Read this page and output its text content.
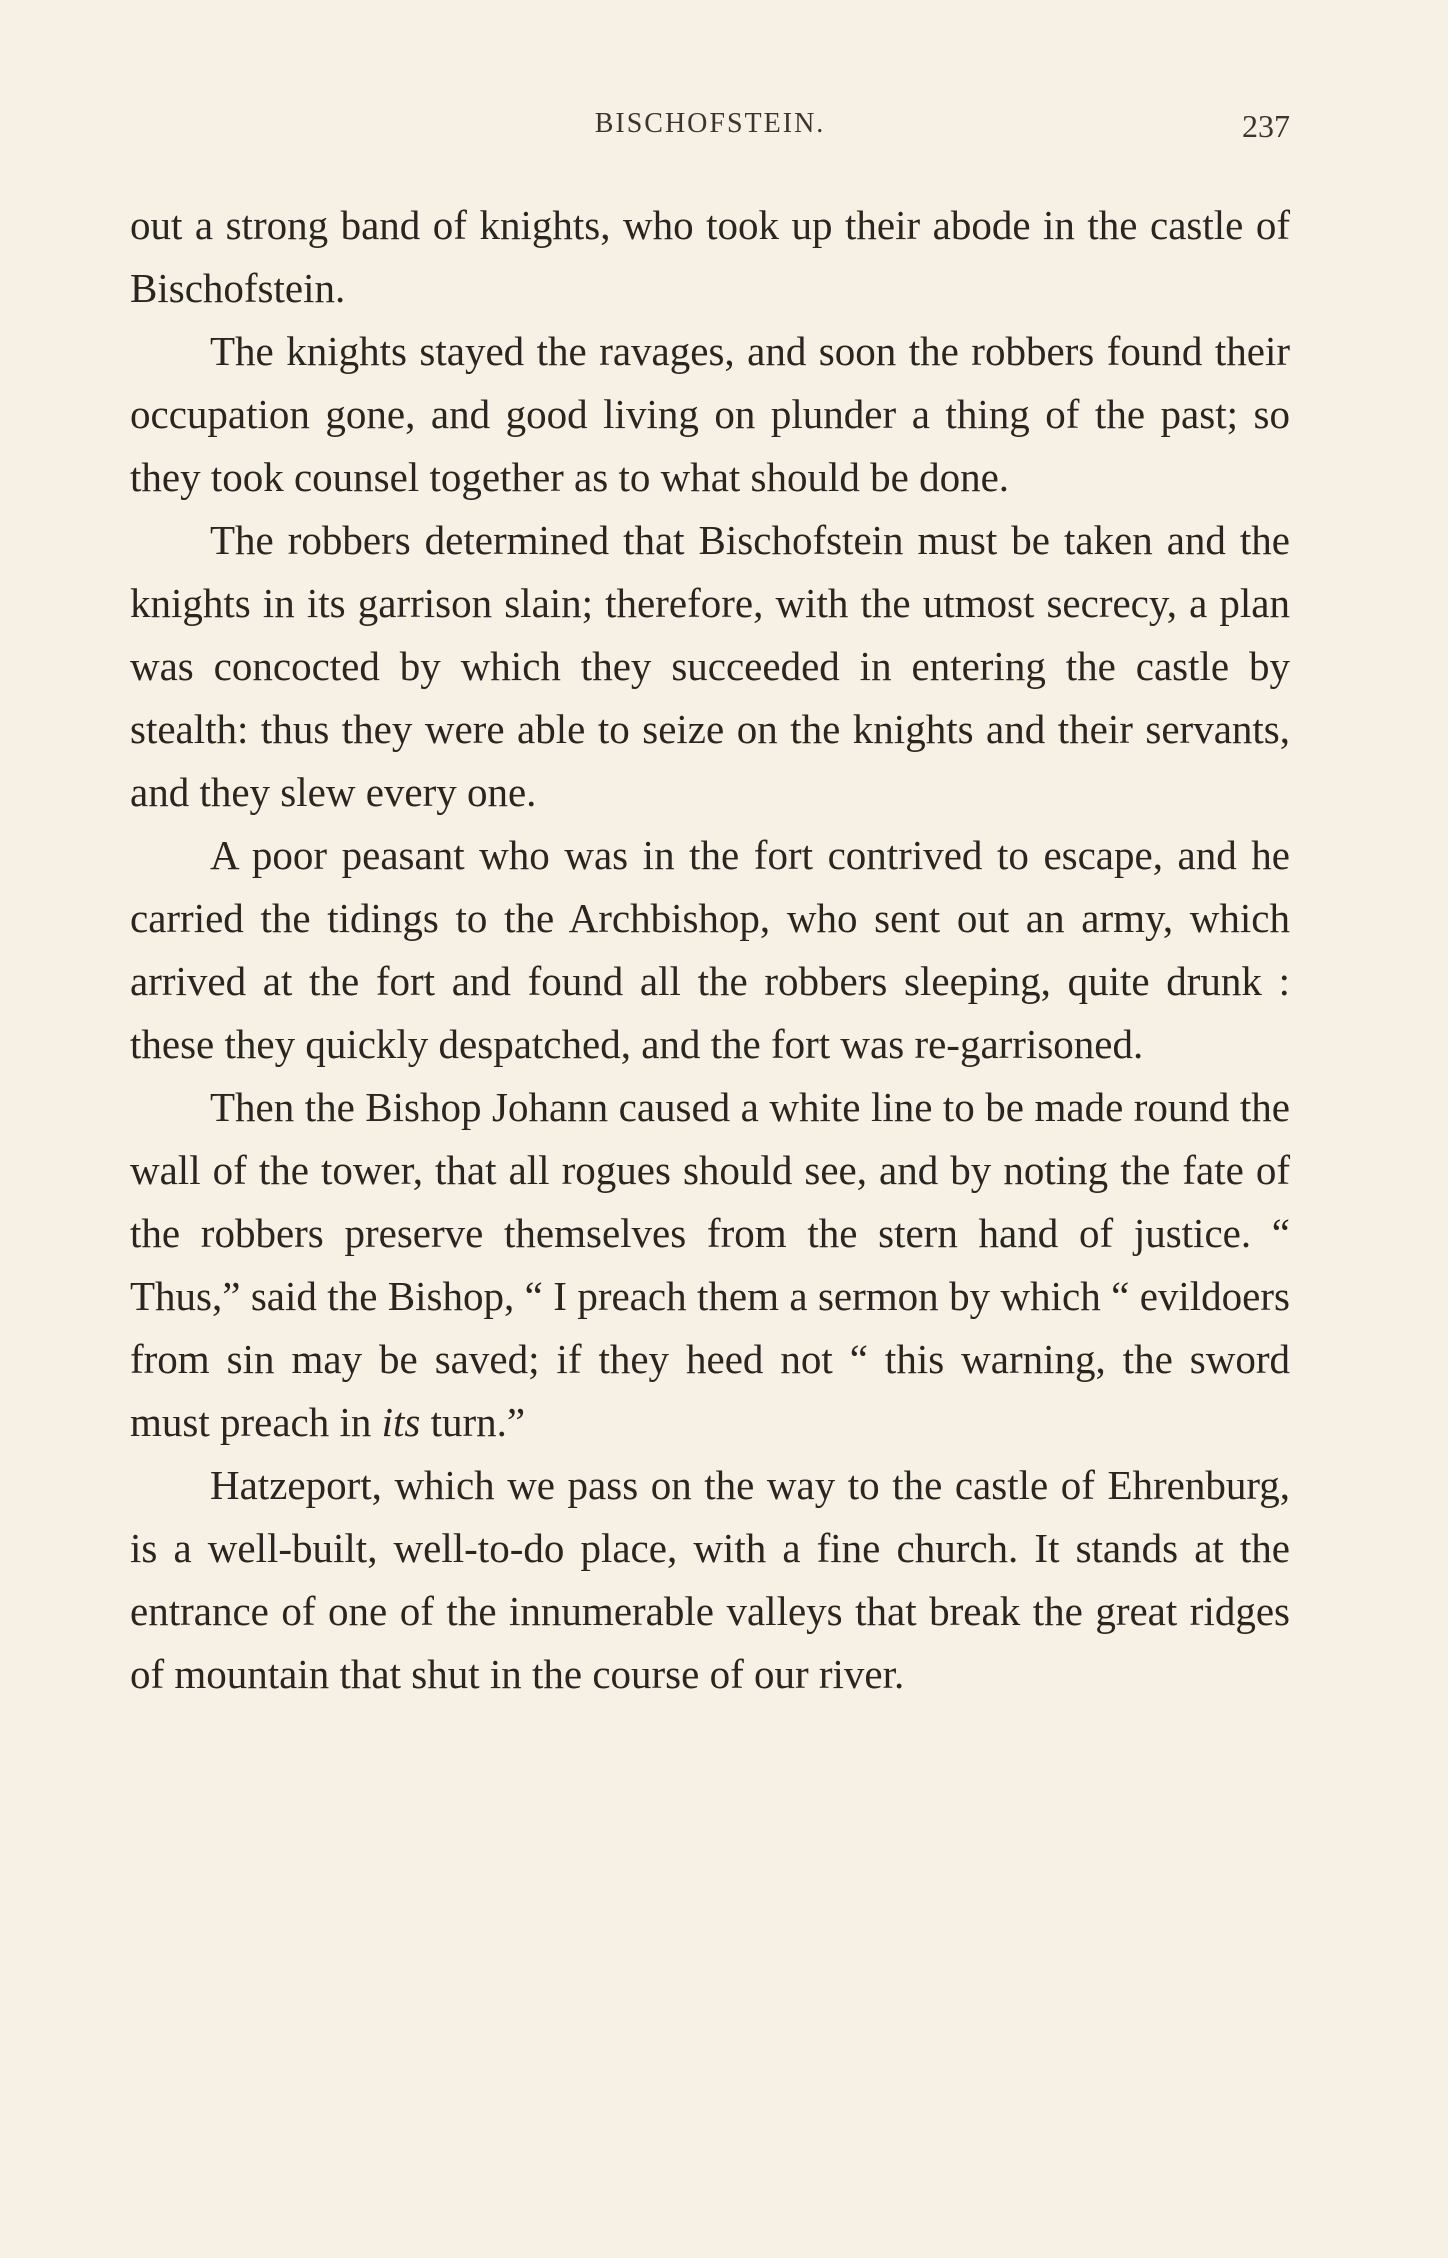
BISCHOFSTEIN.	237

out a strong band of knights, who took up their abode in the castle of Bischofstein.

The knights stayed the ravages, and soon the robbers found their occupation gone, and good living on plunder a thing of the past; so they took counsel together as to what should be done.

The robbers determined that Bischofstein must be taken and the knights in its garrison slain; therefore, with the utmost secrecy, a plan was concocted by which they succeeded in entering the castle by stealth: thus they were able to seize on the knights and their servants, and they slew every one.

A poor peasant who was in the fort contrived to escape, and he carried the tidings to the Archbishop, who sent out an army, which arrived at the fort and found all the robbers sleeping, quite drunk : these they quickly despatched, and the fort was re-garrisoned.

Then the Bishop Johann caused a white line to be made round the wall of the tower, that all rogues should see, and by noting the fate of the robbers preserve themselves from the stern hand of justice. “ Thus,” said the Bishop, “ I preach them a sermon by which “ evildoers from sin may be saved; if they heed not “ this warning, the sword must preach in its turn.”

Hatzeport, which we pass on the way to the castle of Ehrenburg, is a well-built, well-to-do place, with a fine church. It stands at the entrance of one of the innumerable valleys that break the great ridges of mountain that shut in the course of our river.
